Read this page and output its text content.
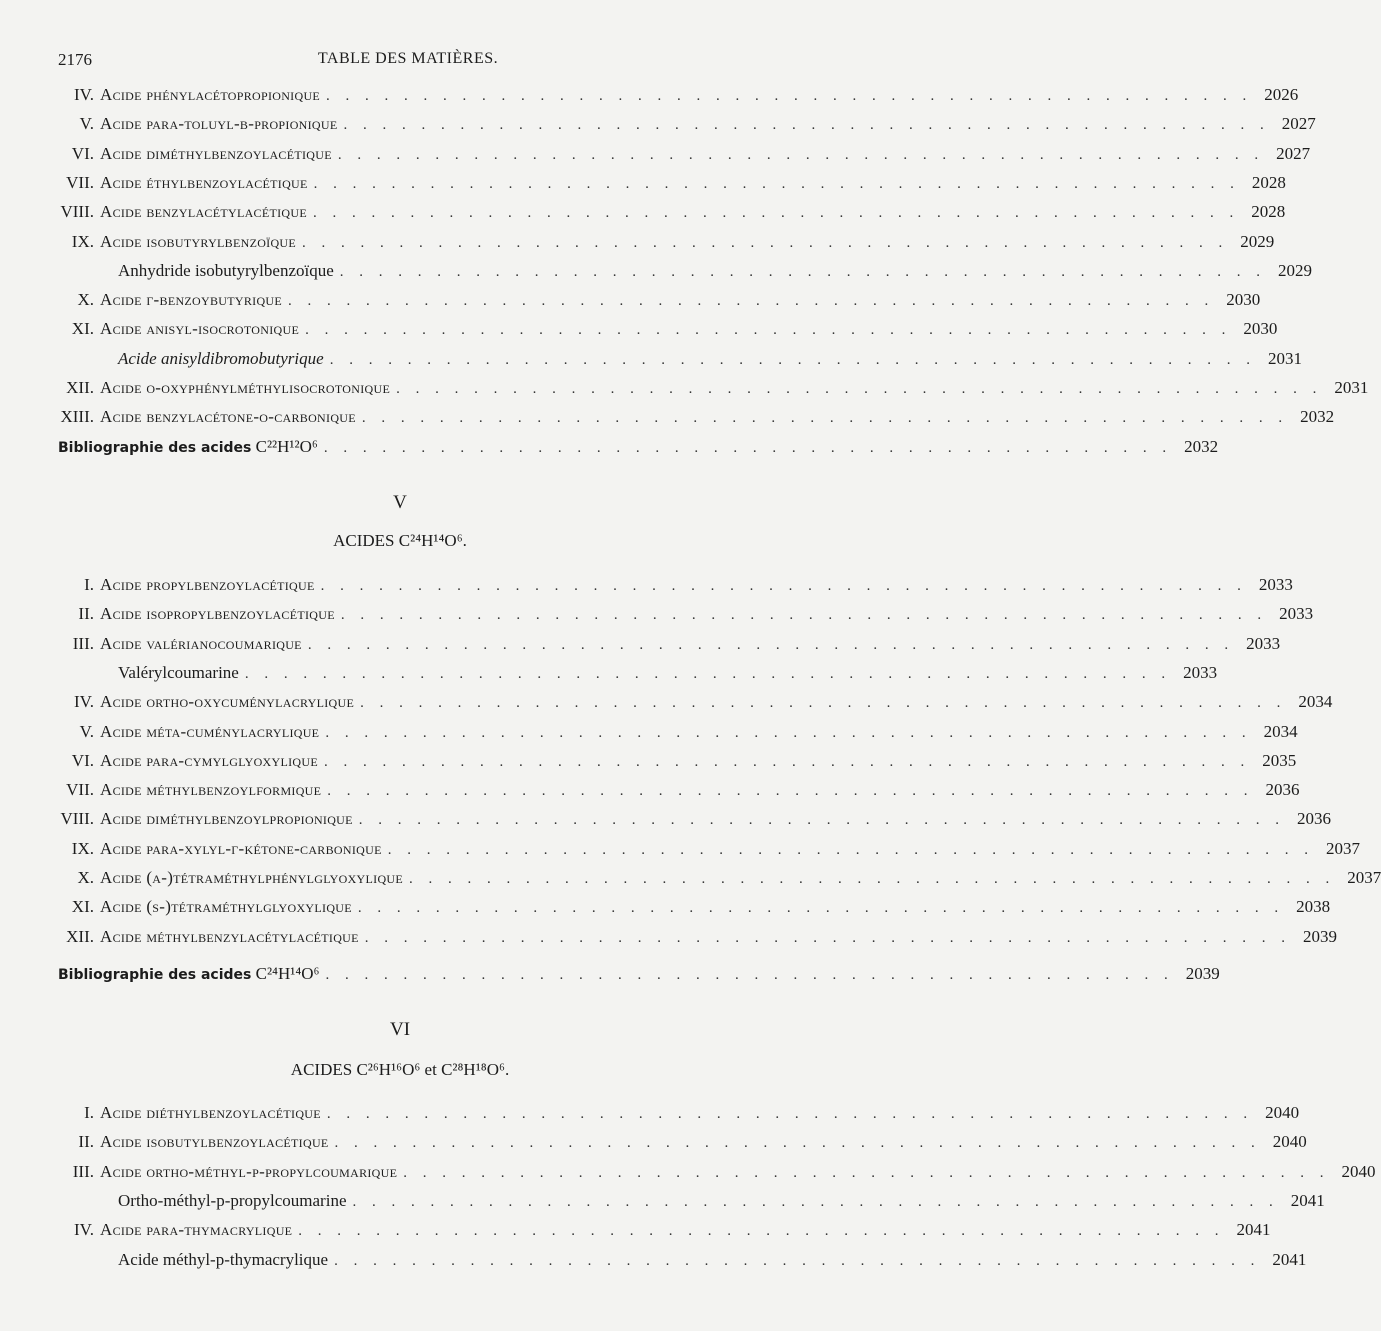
2176	TABLE DES MATIÈRES.
IV. Acide phénylacétopropionique . . . . . . . . . . . . . . . . . . . . . . . . . . . . . . . . . . . . . . . . . . . . . . . . 2026
V. Acide para-toluyl-β-propionique . . . . . . . . . . . . . . . . . . . . . . . . . . . . . . . . . . . . . . . . . . . . . . . . 2027
VI. Acide diméthylbenzoylacétique . . . . . . . . . . . . . . . . . . . . . . . . . . . . . . . . . . . . . . . . . . . . . . . . 2027
VII. Acide éthylbenzoylacétique . . . . . . . . . . . . . . . . . . . . . . . . . . . . . . . . . . . . . . . . . . . . . . . . 2028
VIII. Acide benzylacétylacétique . . . . . . . . . . . . . . . . . . . . . . . . . . . . . . . . . . . . . . . . . . . . . . . . 2028
IX. Acide isobutyrylbenzoïque . . . . . . . . . . . . . . . . . . . . . . . . . . . . . . . . . . . . . . . . . . . . . . . . 2029
Anhydride isobutyrylbenzoïque . . . . . . . . . . . . . . . . . . . . . . . . . . . . . . . . . . . . . . . . . . . . . . . . 2029
X. Acide γ-benzoybutyrique . . . . . . . . . . . . . . . . . . . . . . . . . . . . . . . . . . . . . . . . . . . . . . . . 2030
XI. Acide anisyl-isocrotonique . . . . . . . . . . . . . . . . . . . . . . . . . . . . . . . . . . . . . . . . . . . . . . . . 2030
Acide anisyldibromobutyrique . . . . . . . . . . . . . . . . . . . . . . . . . . . . . . . . . . . . . . . . . . . . . . . . 2031
XII. Acide o-oxyphénylméthylisocrotonique . . . . . . . . . . . . . . . . . . . . . . . . . . . . . . . . . . . . . . . . . . . . . . . . 2031
XIII. Acide benzylacétone-o-carbonique . . . . . . . . . . . . . . . . . . . . . . . . . . . . . . . . . . . . . . . . . . . . . . . . 2032
Bibliographie des acides C²²H¹²O⁶ . . . . . . . . . . . . . . . . . . . . . . . . . . . . . . . . . . . . . . . . . . . . 2032
V
ACIDES C²⁴H¹⁴O⁶.
I. Acide propylbenzoylacétique . . . . . . . . . . . . . . . . . . . . . . . . . . . . . . . . . . . . . . . . . . . . . . . . 2033
II. Acide isopropylbenzoylacétique . . . . . . . . . . . . . . . . . . . . . . . . . . . . . . . . . . . . . . . . . . . . . . . . 2033
III. Acide valérianocoumarique . . . . . . . . . . . . . . . . . . . . . . . . . . . . . . . . . . . . . . . . . . . . . . . . 2033
Valérylcoumarine . . . . . . . . . . . . . . . . . . . . . . . . . . . . . . . . . . . . . . . . . . . . . . . . 2033
IV. Acide ortho-oxycuménylacrylique . . . . . . . . . . . . . . . . . . . . . . . . . . . . . . . . . . . . . . . . . . . . . . . . 2034
V. Acide méta-cuménylacrylique . . . . . . . . . . . . . . . . . . . . . . . . . . . . . . . . . . . . . . . . . . . . . . . . 2034
VI. Acide para-cymylglyoxylique . . . . . . . . . . . . . . . . . . . . . . . . . . . . . . . . . . . . . . . . . . . . . . . . 2035
VII. Acide méthylbenzoylformique . . . . . . . . . . . . . . . . . . . . . . . . . . . . . . . . . . . . . . . . . . . . . . . . 2036
VIII. Acide diméthylbenzoylpropionique . . . . . . . . . . . . . . . . . . . . . . . . . . . . . . . . . . . . . . . . . . . . . . . . 2036
IX. Acide para-xylyl-γ-kétone-carbonique . . . . . . . . . . . . . . . . . . . . . . . . . . . . . . . . . . . . . . . . . . . . . . . . 2037
X. Acide (a-)tétraméthylphénylglyoxylique . . . . . . . . . . . . . . . . . . . . . . . . . . . . . . . . . . . . . . . . . . . . . . . . 2037
XI. Acide (s-)tétraméthylglyoxylique . . . . . . . . . . . . . . . . . . . . . . . . . . . . . . . . . . . . . . . . . . . . . . . . 2038
XII. Acide méthylbenzylacétylacétique . . . . . . . . . . . . . . . . . . . . . . . . . . . . . . . . . . . . . . . . . . . . . . . . 2039
Bibliographie des acides C²⁴H¹⁴O⁶ . . . . . . . . . . . . . . . . . . . . . . . . . . . . . . . . . . . . . . . . . . . . 2039
VI
ACIDES C²⁶H¹⁶O⁶ et C²⁸H¹⁸O⁶.
I. Acide diéthylbenzoylacétique . . . . . . . . . . . . . . . . . . . . . . . . . . . . . . . . . . . . . . . . . . . . . . . . 2040
II. Acide isobutylbenzoylacétique . . . . . . . . . . . . . . . . . . . . . . . . . . . . . . . . . . . . . . . . . . . . . . . . 2040
III. Acide ortho-méthyl-p-propylcoumarique . . . . . . . . . . . . . . . . . . . . . . . . . . . . . . . . . . . . . . . . . . . . . . . . 2040
Ortho-méthyl-p-propylcoumarine . . . . . . . . . . . . . . . . . . . . . . . . . . . . . . . . . . . . . . . . . . . . . . . . 2041
IV. Acide para-thymacrylique . . . . . . . . . . . . . . . . . . . . . . . . . . . . . . . . . . . . . . . . . . . . . . . . 2041
Acide méthyl-p-thymacrylique . . . . . . . . . . . . . . . . . . . . . . . . . . . . . . . . . . . . . . . . . . . . . . . . 2041
